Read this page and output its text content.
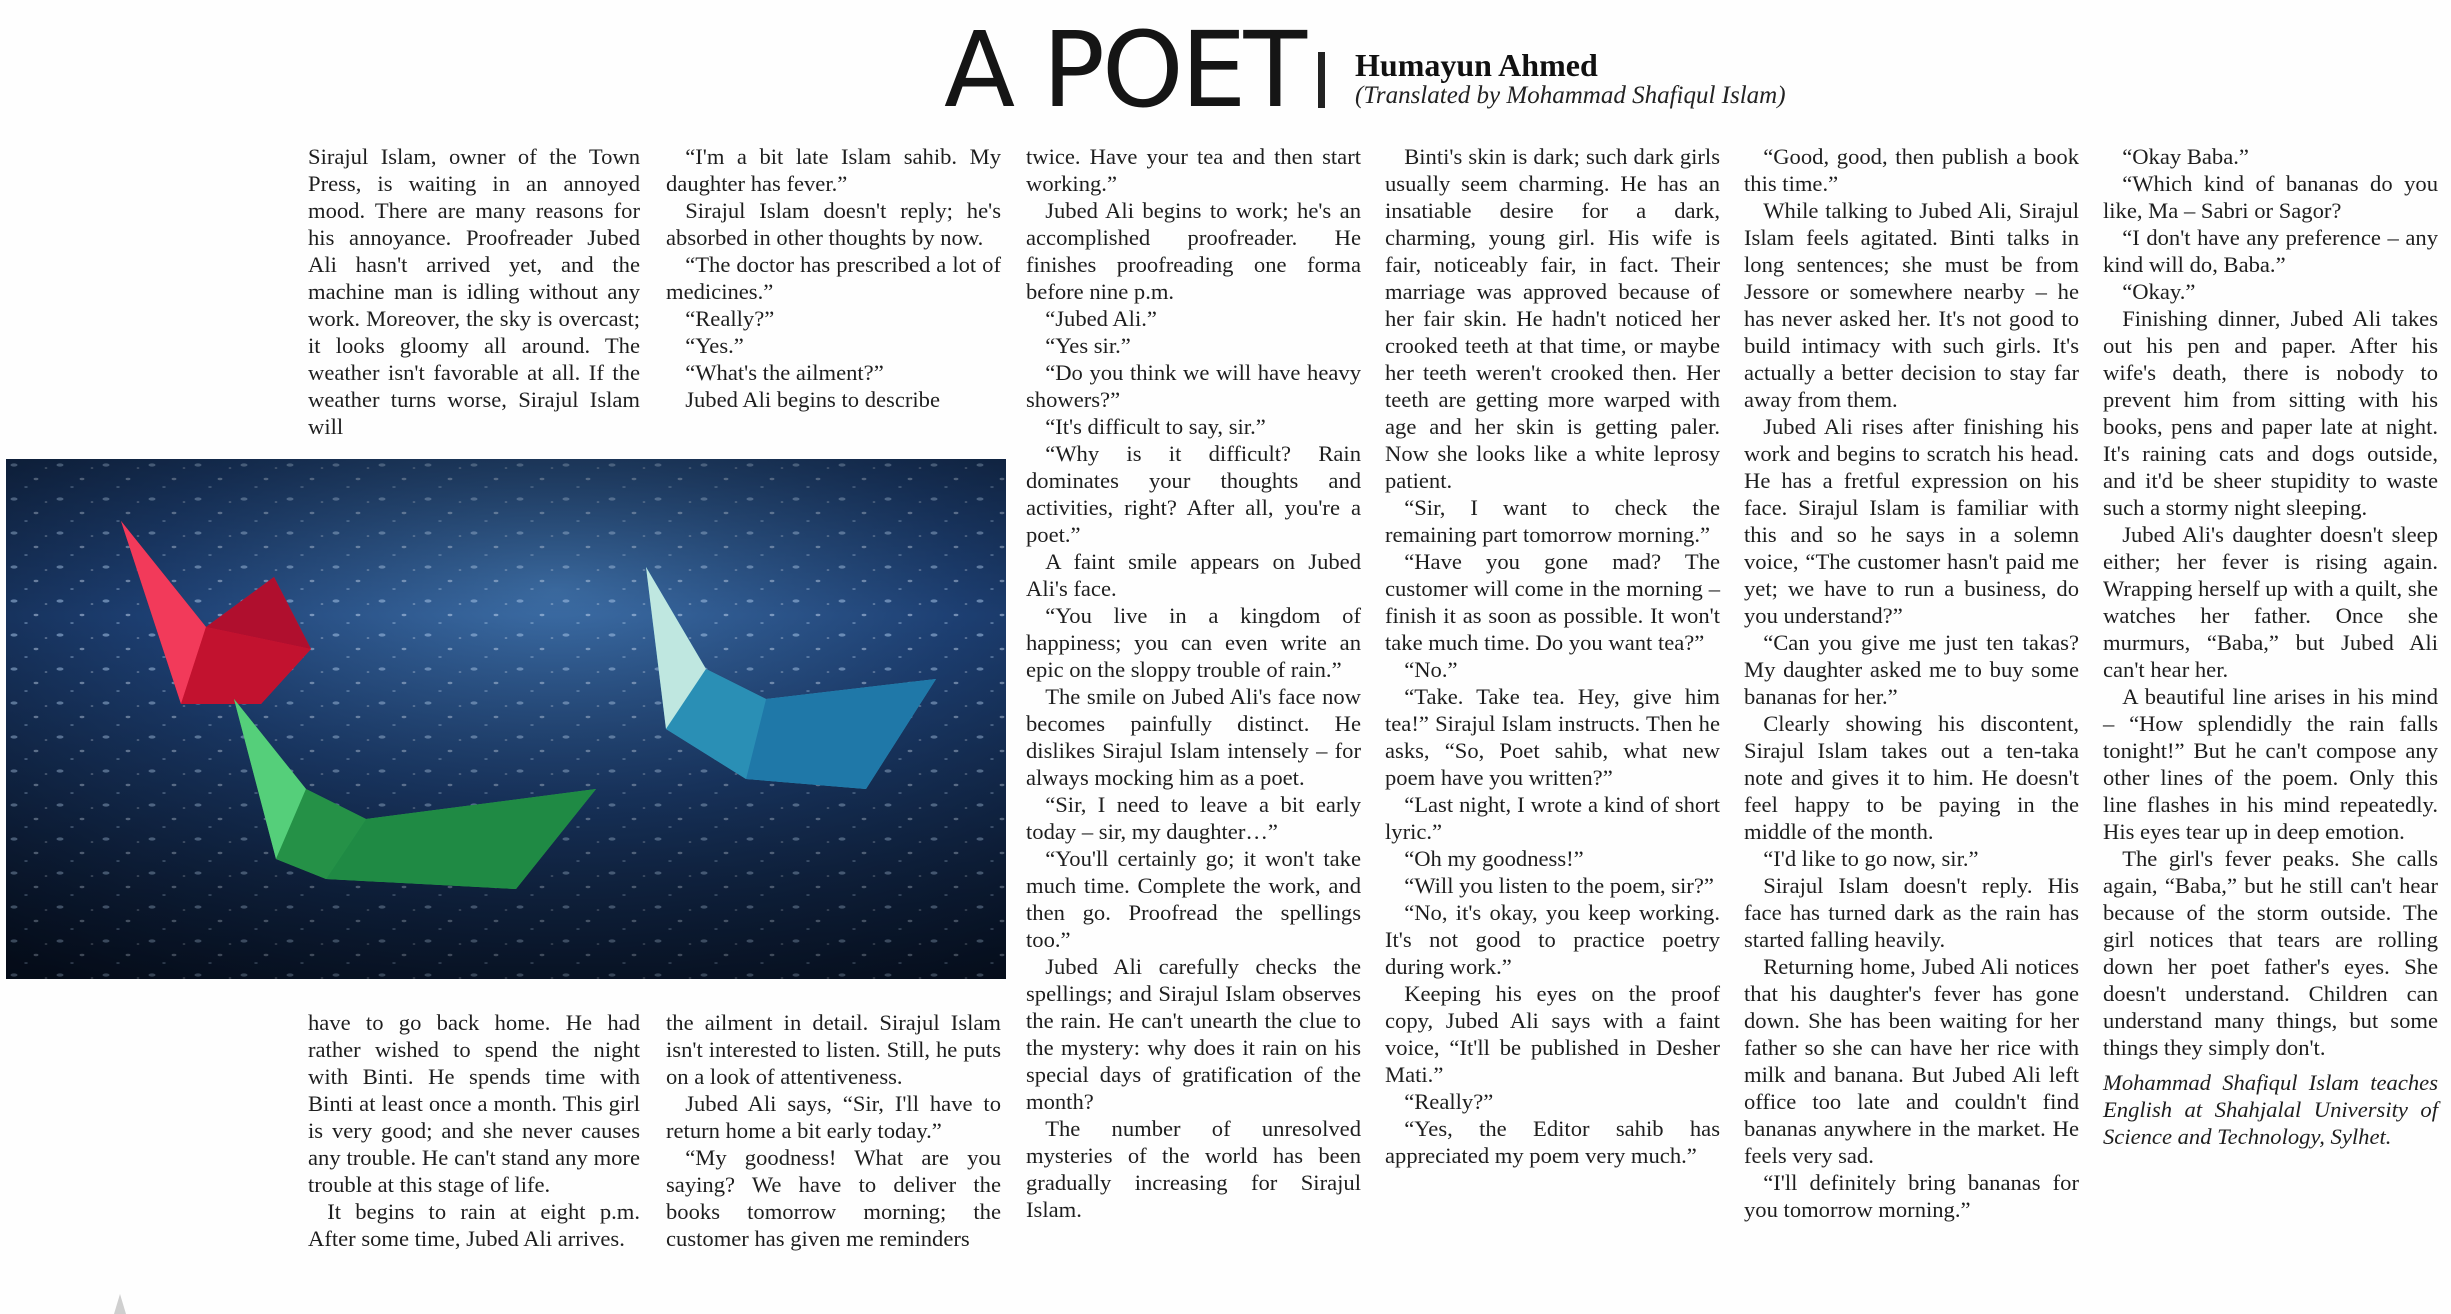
A POET Humayun Ahmed
(Translated by Mohammad Shafiqul Islam)

Sirajul Islam, owner of the Town Press, is waiting in an annoyed mood. There are many reasons for his annoyance. Proofreader Jubed Ali hasn't arrived yet, and the machine man is idling without any work. Moreover, the sky is overcast; it looks gloomy all around. The weather isn't favorable at all. If the weather turns worse, Sirajul Islam will

“I'm a bit late Islam sahib. My daughter has fever.”

Sirajul Islam doesn't reply; he's absorbed in other thoughts by now.

“The doctor has prescribed a lot of medicines.”

“Really?”

“Yes.”

“What's the ailment?”

Jubed Ali begins to describe

have to go back home. He had rather wished to spend the night with Binti. He spends time with Binti at least once a month. This girl is very good; and she never causes any trouble. He can't stand any more trouble at this stage of life.

It begins to rain at eight p.m. After some time, Jubed Ali arrives.

the ailment in detail. Sirajul Islam isn't interested to listen. Still, he puts on a look of attentiveness.

Jubed Ali says, “Sir, I'll have to return home a bit early today.”

“My goodness! What are you saying? We have to deliver the books tomorrow morning; the customer has given me reminders

twice. Have your tea and then start working.”

Jubed Ali begins to work; he's an accomplished proofreader. He finishes proofreading one forma before nine p.m.

“Jubed Ali.”

“Yes sir.”

“Do you think we will have heavy showers?”

“It's difficult to say, sir.”

“Why is it difficult? Rain dominates your thoughts and activities, right? After all, you're a poet.”

A faint smile appears on Jubed Ali's face.

“You live in a kingdom of happiness; you can even write an epic on the sloppy trouble of rain.”

The smile on Jubed Ali's face now becomes painfully distinct. He dislikes Sirajul Islam intensely – for always mocking him as a poet.

“Sir, I need to leave a bit early today – sir, my daughter…”

“You'll certainly go; it won't take much time. Complete the work, and then go. Proofread the spellings too.”

Jubed Ali carefully checks the spellings; and Sirajul Islam observes the rain. He can't unearth the clue to the mystery: why does it rain on his special days of gratification of the month?

The number of unresolved mysteries of the world has been gradually increasing for Sirajul Islam.

Binti's skin is dark; such dark girls usually seem charming. He has an insatiable desire for a dark, charming, young girl. His wife is fair, noticeably fair, in fact. Their marriage was approved because of her fair skin. He hadn't noticed her crooked teeth at that time, or maybe her teeth weren't crooked then. Her teeth are getting more warped with age and her skin is getting paler. Now she looks like a white leprosy patient.

“Sir, I want to check the remaining part tomorrow morning.”

“Have you gone mad? The customer will come in the morning – finish it as soon as possible. It won't take much time. Do you want tea?”

“No.”

“Take. Take tea. Hey, give him tea!” Sirajul Islam instructs. Then he asks, “So, Poet sahib, what new poem have you written?”

“Last night, I wrote a kind of short lyric.”

“Oh my goodness!”

“Will you listen to the poem, sir?”

“No, it's okay, you keep working. It's not good to practice poetry during work.”

Keeping his eyes on the proof copy, Jubed Ali says with a faint voice, “It'll be published in Desher Mati.”

“Really?”

“Yes, the Editor sahib has appreciated my poem very much.”

“Good, good, then publish a book this time.”

While talking to Jubed Ali, Sirajul Islam feels agitated. Binti talks in long sentences; she must be from Jessore or somewhere nearby – he has never asked her. It's not good to build intimacy with such girls. It's actually a better decision to stay far away from them.

Jubed Ali rises after finishing his work and begins to scratch his head. He has a fretful expression on his face. Sirajul Islam is familiar with this and so he says in a solemn voice, “The customer hasn't paid me yet; we have to run a business, do you understand?”

“Can you give me just ten takas? My daughter asked me to buy some bananas for her.”

Clearly showing his discontent, Sirajul Islam takes out a ten-taka note and gives it to him. He doesn't feel happy to be paying in the middle of the month.

“I'd like to go now, sir.”

Sirajul Islam doesn't reply. His face has turned dark as the rain has started falling heavily.

Returning home, Jubed Ali notices that his daughter's fever has gone down. She has been waiting for her father so she can have her rice with milk and banana. But Jubed Ali left office too late and couldn't find bananas anywhere in the market. He feels very sad.

“I'll definitely bring bananas for you tomorrow morning.”

“Okay Baba.”

“Which kind of bananas do you like, Ma – Sabri or Sagor?

“I don't have any preference – any kind will do, Baba.”

“Okay.”

Finishing dinner, Jubed Ali takes out his pen and paper. After his wife's death, there is nobody to prevent him from sitting with his books, pens and paper late at night. It's raining cats and dogs outside, and it'd be sheer stupidity to waste such a stormy night sleeping.

Jubed Ali's daughter doesn't sleep either; her fever is rising again. Wrapping herself up with a quilt, she watches her father. Once she murmurs, “Baba,” but Jubed Ali can't hear her.

A beautiful line arises in his mind – “How splendidly the rain falls tonight!” But he can't compose any other lines of the poem. Only this line flashes in his mind repeatedly. His eyes tear up in deep emotion.

The girl's fever peaks. She calls again, “Baba,” but he still can't hear because of the storm outside. The girl notices that tears are rolling down her poet father's eyes. She doesn't understand. Children can understand many things, but some things they simply don't.

Mohammad Shafiqul Islam teaches English at Shahjalal University of Science and Technology, Sylhet.
